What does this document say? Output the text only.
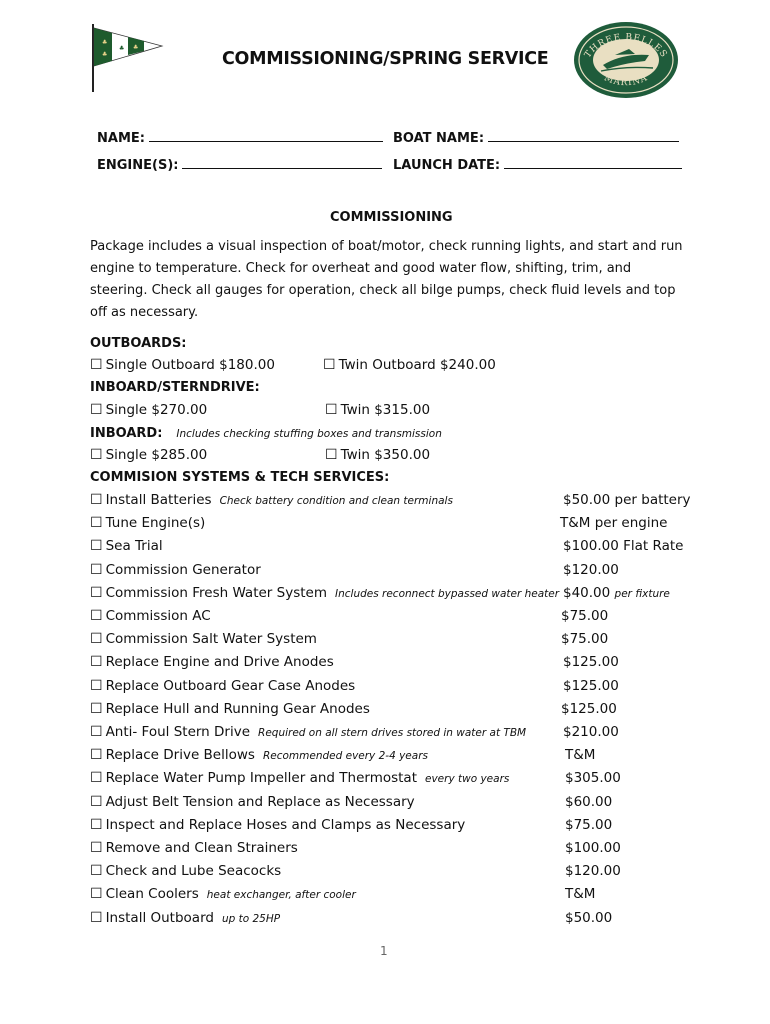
♣
♣
♣ ♣
THREE BELLES
MARINA
COMMISSIONING/SPRING SERVICE
NAME:	BOAT NAME:
ENGINE(S):	LAUNCH DATE:
COMMISSIONING
Package includes a visual inspection of boat/motor, check running lights, and start and run engine to temperature. Check for overheat and good water flow, shifting, trim, and steering. Check all gauges for operation, check all bilge pumps, check fluid levels and top off as necessary.
OUTBOARDS:
☐ Single Outboard $180.00	☐ Twin Outboard $240.00
INBOARD/STERNDRIVE:
☐ Single $270.00	☐ Twin $315.00
INBOARD: Includes checking stuffing boxes and transmission
☐ Single $285.00	☐ Twin $350.00
COMMISION SYSTEMS & TECH SERVICES:
☐ Install Batteries Check battery condition and clean terminals	$50.00 per battery
☐ Tune Engine(s)	T&M per engine
☐ Sea Trial	$100.00 Flat Rate
☐ Commission Generator	$120.00
☐ Commission Fresh Water System Includes reconnect bypassed water heater $40.00 per fixture
☐ Commission AC	$75.00
☐ Commission Salt Water System	$75.00
☐ Replace Engine and Drive Anodes	$125.00
☐ Replace Outboard Gear Case Anodes	$125.00
☐ Replace Hull and Running Gear Anodes	$125.00
☐ Anti- Foul Stern Drive Required on all stern drives stored in water at TBM	$210.00
☐ Replace Drive Bellows Recommended every 2-4 years	T&M
☐ Replace Water Pump Impeller and Thermostat every two years	$305.00
☐ Adjust Belt Tension and Replace as Necessary	$60.00
☐ Inspect and Replace Hoses and Clamps as Necessary	$75.00
☐ Remove and Clean Strainers	$100.00
☐ Check and Lube Seacocks	$120.00
☐ Clean Coolers heat exchanger, after cooler	T&M
☐ Install Outboard up to 25HP	$50.00
1
